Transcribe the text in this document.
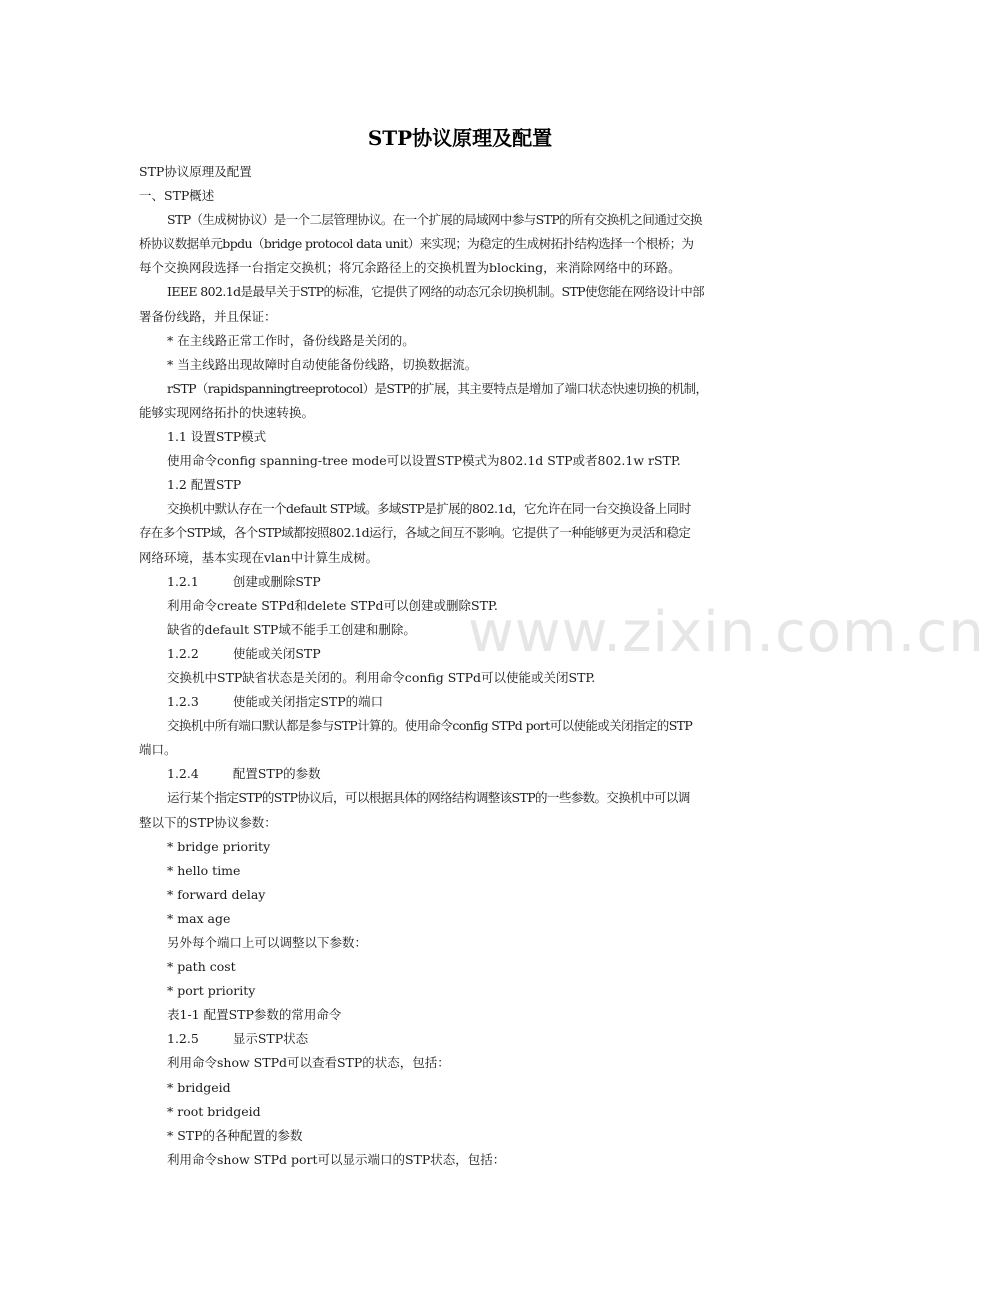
www.zixin.com.cn
STP协议原理及配置

STP协议原理及配置

一、STP概述

STP（生成树协议）是一个二层管理协议。在一个扩展的局域网中参与STP的所有交换机之间通过交换

桥协议数据单元bpdu（bridge protocol data unit）来实现；为稳定的生成树拓扑结构选择一个根桥；为

每个交换网段选择一台指定交换机；将冗余路径上的交换机置为blocking，来消除网络中的环路。

IEEE 802.1d是最早关于STP的标准，它提供了网络的动态冗余切换机制。STP使您能在网络设计中部

署备份线路，并且保证：

* 在主线路正常工作时，备份线路是关闭的。

* 当主线路出现故障时自动使能备份线路，切换数据流。

rSTP（rapidspanningtreeprotocol）是STP的扩展，其主要特点是增加了端口状态快速切换的机制，

能够实现网络拓扑的快速转换。

1.1 设置STP模式

使用命令config spanning-tree mode可以设置STP模式为802.1d STP或者802.1w rSTP.

1.2 配置STP

交换机中默认存在一个default STP域。多域STP是扩展的802.1d，它允许在同一台交换设备上同时

存在多个STP域，各个STP域都按照802.1d运行，各域之间互不影响。它提供了一种能够更为灵活和稳定

网络环境，基本实现在vlan中计算生成树。

1.2.1	创建或删除STP

利用命令create STPd和delete STPd可以创建或删除STP.

缺省的default STP域不能手工创建和删除。

1.2.2	使能或关闭STP

交换机中STP缺省状态是关闭的。利用命令config STPd可以使能或关闭STP.

1.2.3	使能或关闭指定STP的端口

交换机中所有端口默认都是参与STP计算的。使用命令config STPd port可以使能或关闭指定的STP

端口。

1.2.4	配置STP的参数

运行某个指定STP的STP协议后，可以根据具体的网络结构调整该STP的一些参数。交换机中可以调

整以下的STP协议参数：

* bridge priority

* hello time

* forward delay

* max age

另外每个端口上可以调整以下参数：

* path cost

* port priority

表1-1 配置STP参数的常用命令

1.2.5	显示STP状态

利用命令show STPd可以查看STP的状态，包括：

* bridgeid

* root bridgeid

* STP的各种配置的参数

利用命令show STPd port可以显示端口的STP状态，包括：
